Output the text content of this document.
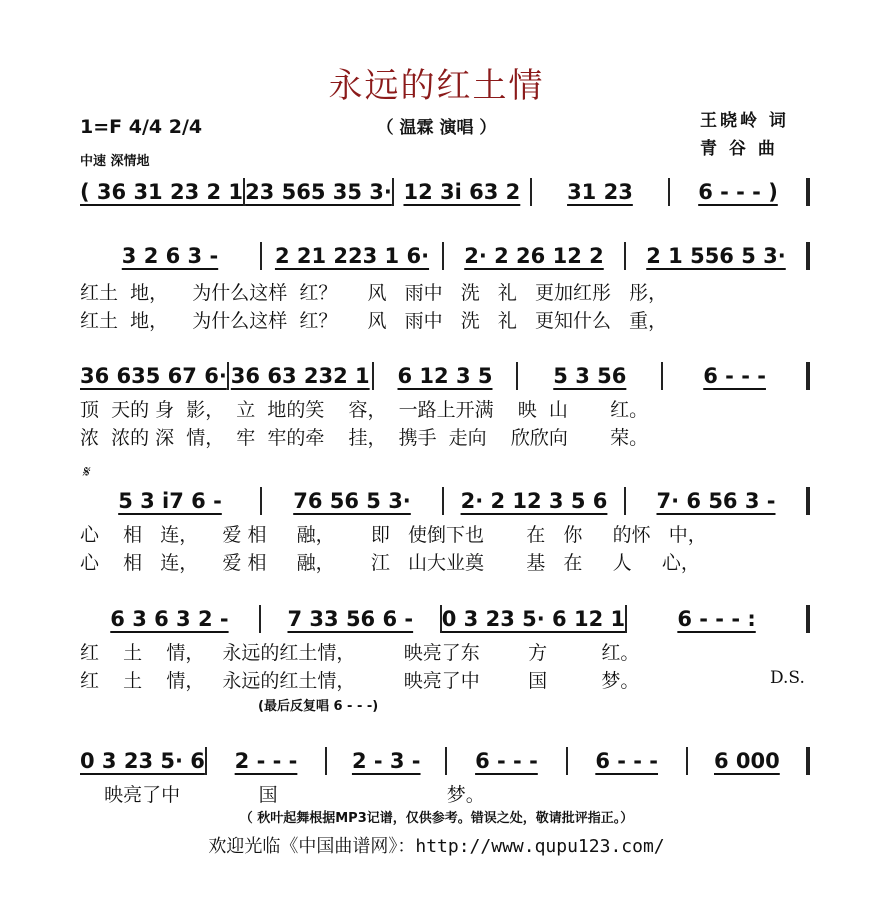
永远的红土情
（ 温霖 演唱 ）
1=F 4/4 2/4
中速 深情地
王晓岭 词
青 谷 曲
𝄋
( 36 31 23 2 1 23 565 35 3· 12 3i 63 2	31 23	6 - - - )
3 2 6 3 -	2 21 223 1 6·	2· 2 26 12 2	2 1 556 5 3·
红土  地，    为什么这样  红？     风   雨中   洗   礼   更加红彤   彤，
红土  地，    为什么这样  红？     风   雨中   洗   礼   更知什么   重，
36 635 67 6· 36 63 232 1	6 12 3 5	5 3 56	6 - - -
顶  天的 身  影，  立  地的笑    容，  一路上开满    映  山       红。
浓  浓的 深  情，  牢  牢的牵    挂，  携手  走向    欣欣向       荣。
5 3 i7 6 -	76 56 5 3·	2· 2 12 3 5 6	7· 6 56 3 -
心    相   连，    爱 相     融，      即   使倒下也       在   你     的怀   中，
心    相   连，    爱 相     融，      江   山大业奠       基   在     人     心，
6 3 6 3 2 -	7 33 56 6 -	0 3 23 5· 6 12 1	6 - - - :
红    土    情，   永远的红土情，        映亮了东        方         红。
红    土    情，   永远的红土情，        映亮了中        国         梦。
0 3 23 5· 6	2 - - -	2 - 3 -	6 - - -	6 - - -	6 000
映亮了中             国                            梦。
D.S.
(最后反复唱 6 - - -)
（ 秋叶起舞根据MP3记谱，仅供参考。错误之处，敬请批评指正。）
欢迎光临《中国曲谱网》：http://www.qupu123.com/
